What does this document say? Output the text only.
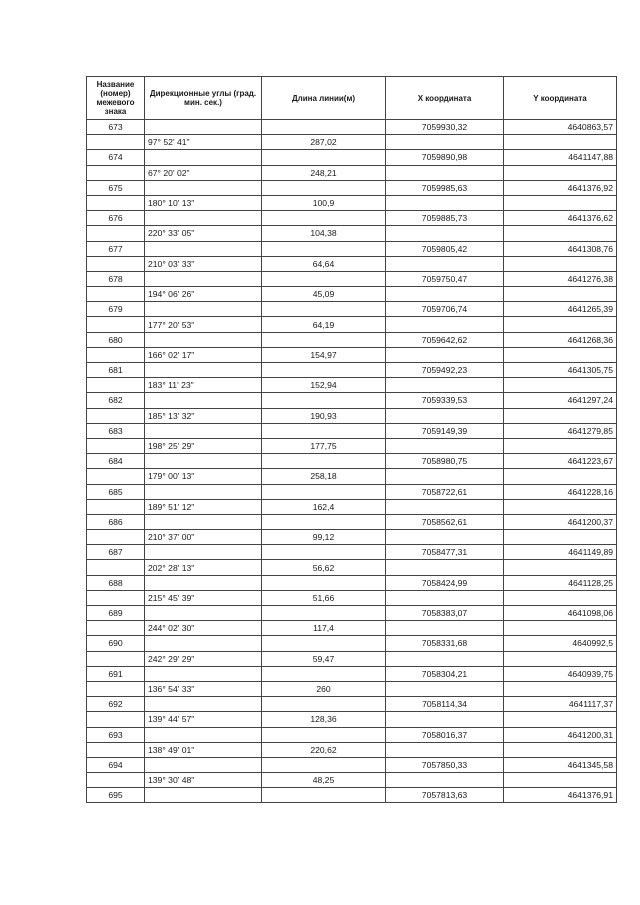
Название (номер) межевого знака	Дирекционные углы (град. мин. сек.)	Длина линии(м)	X координата	Y координата
673			7059930,32	4640863,57
	97° 52' 41"	287,02		
674			7059890,98	4641147,88
	67° 20' 02"	248,21		
675			7059985,63	4641376,92
	180° 10' 13"	100,9		
676			7059885,73	4641376,62
	220° 33' 05"	104,38		
677			7059805,42	4641308,76
	210° 03' 33"	64,64		
678			7059750,47	4641276,38
	194° 06' 26"	45,09		
679			7059706,74	4641265,39
	177° 20' 53"	64,19		
680			7059642,62	4641268,36
	166° 02' 17"	154,97		
681			7059492,23	4641305,75
	183° 11' 23"	152,94		
682			7059339,53	4641297,24
	185° 13' 32"	190,93		
683			7059149,39	4641279,85
	198° 25' 29"	177,75		
684			7058980,75	4641223,67
	179° 00' 13"	258,18		
685			7058722,61	4641228,16
	189° 51' 12"	162,4		
686			7058562,61	4641200,37
	210° 37' 00"	99,12		
687			7058477,31	4641149,89
	202° 28' 13"	56,62		
688			7058424,99	4641128,25
	215° 45' 39"	51,66		
689			7058383,07	4641098,06
	244° 02' 30"	117,4		
690			7058331,68	4640992,5
	242° 29' 29"	59,47		
691			7058304,21	4640939,75
	136° 54' 33"	260		
692			7058114,34	4641117,37
	139° 44' 57"	128,36		
693			7058016,37	4641200,31
	138° 49' 01"	220,62		
694			7057850,33	4641345,58
	139° 30' 48"	48,25		
695			7057813,63	4641376,91
